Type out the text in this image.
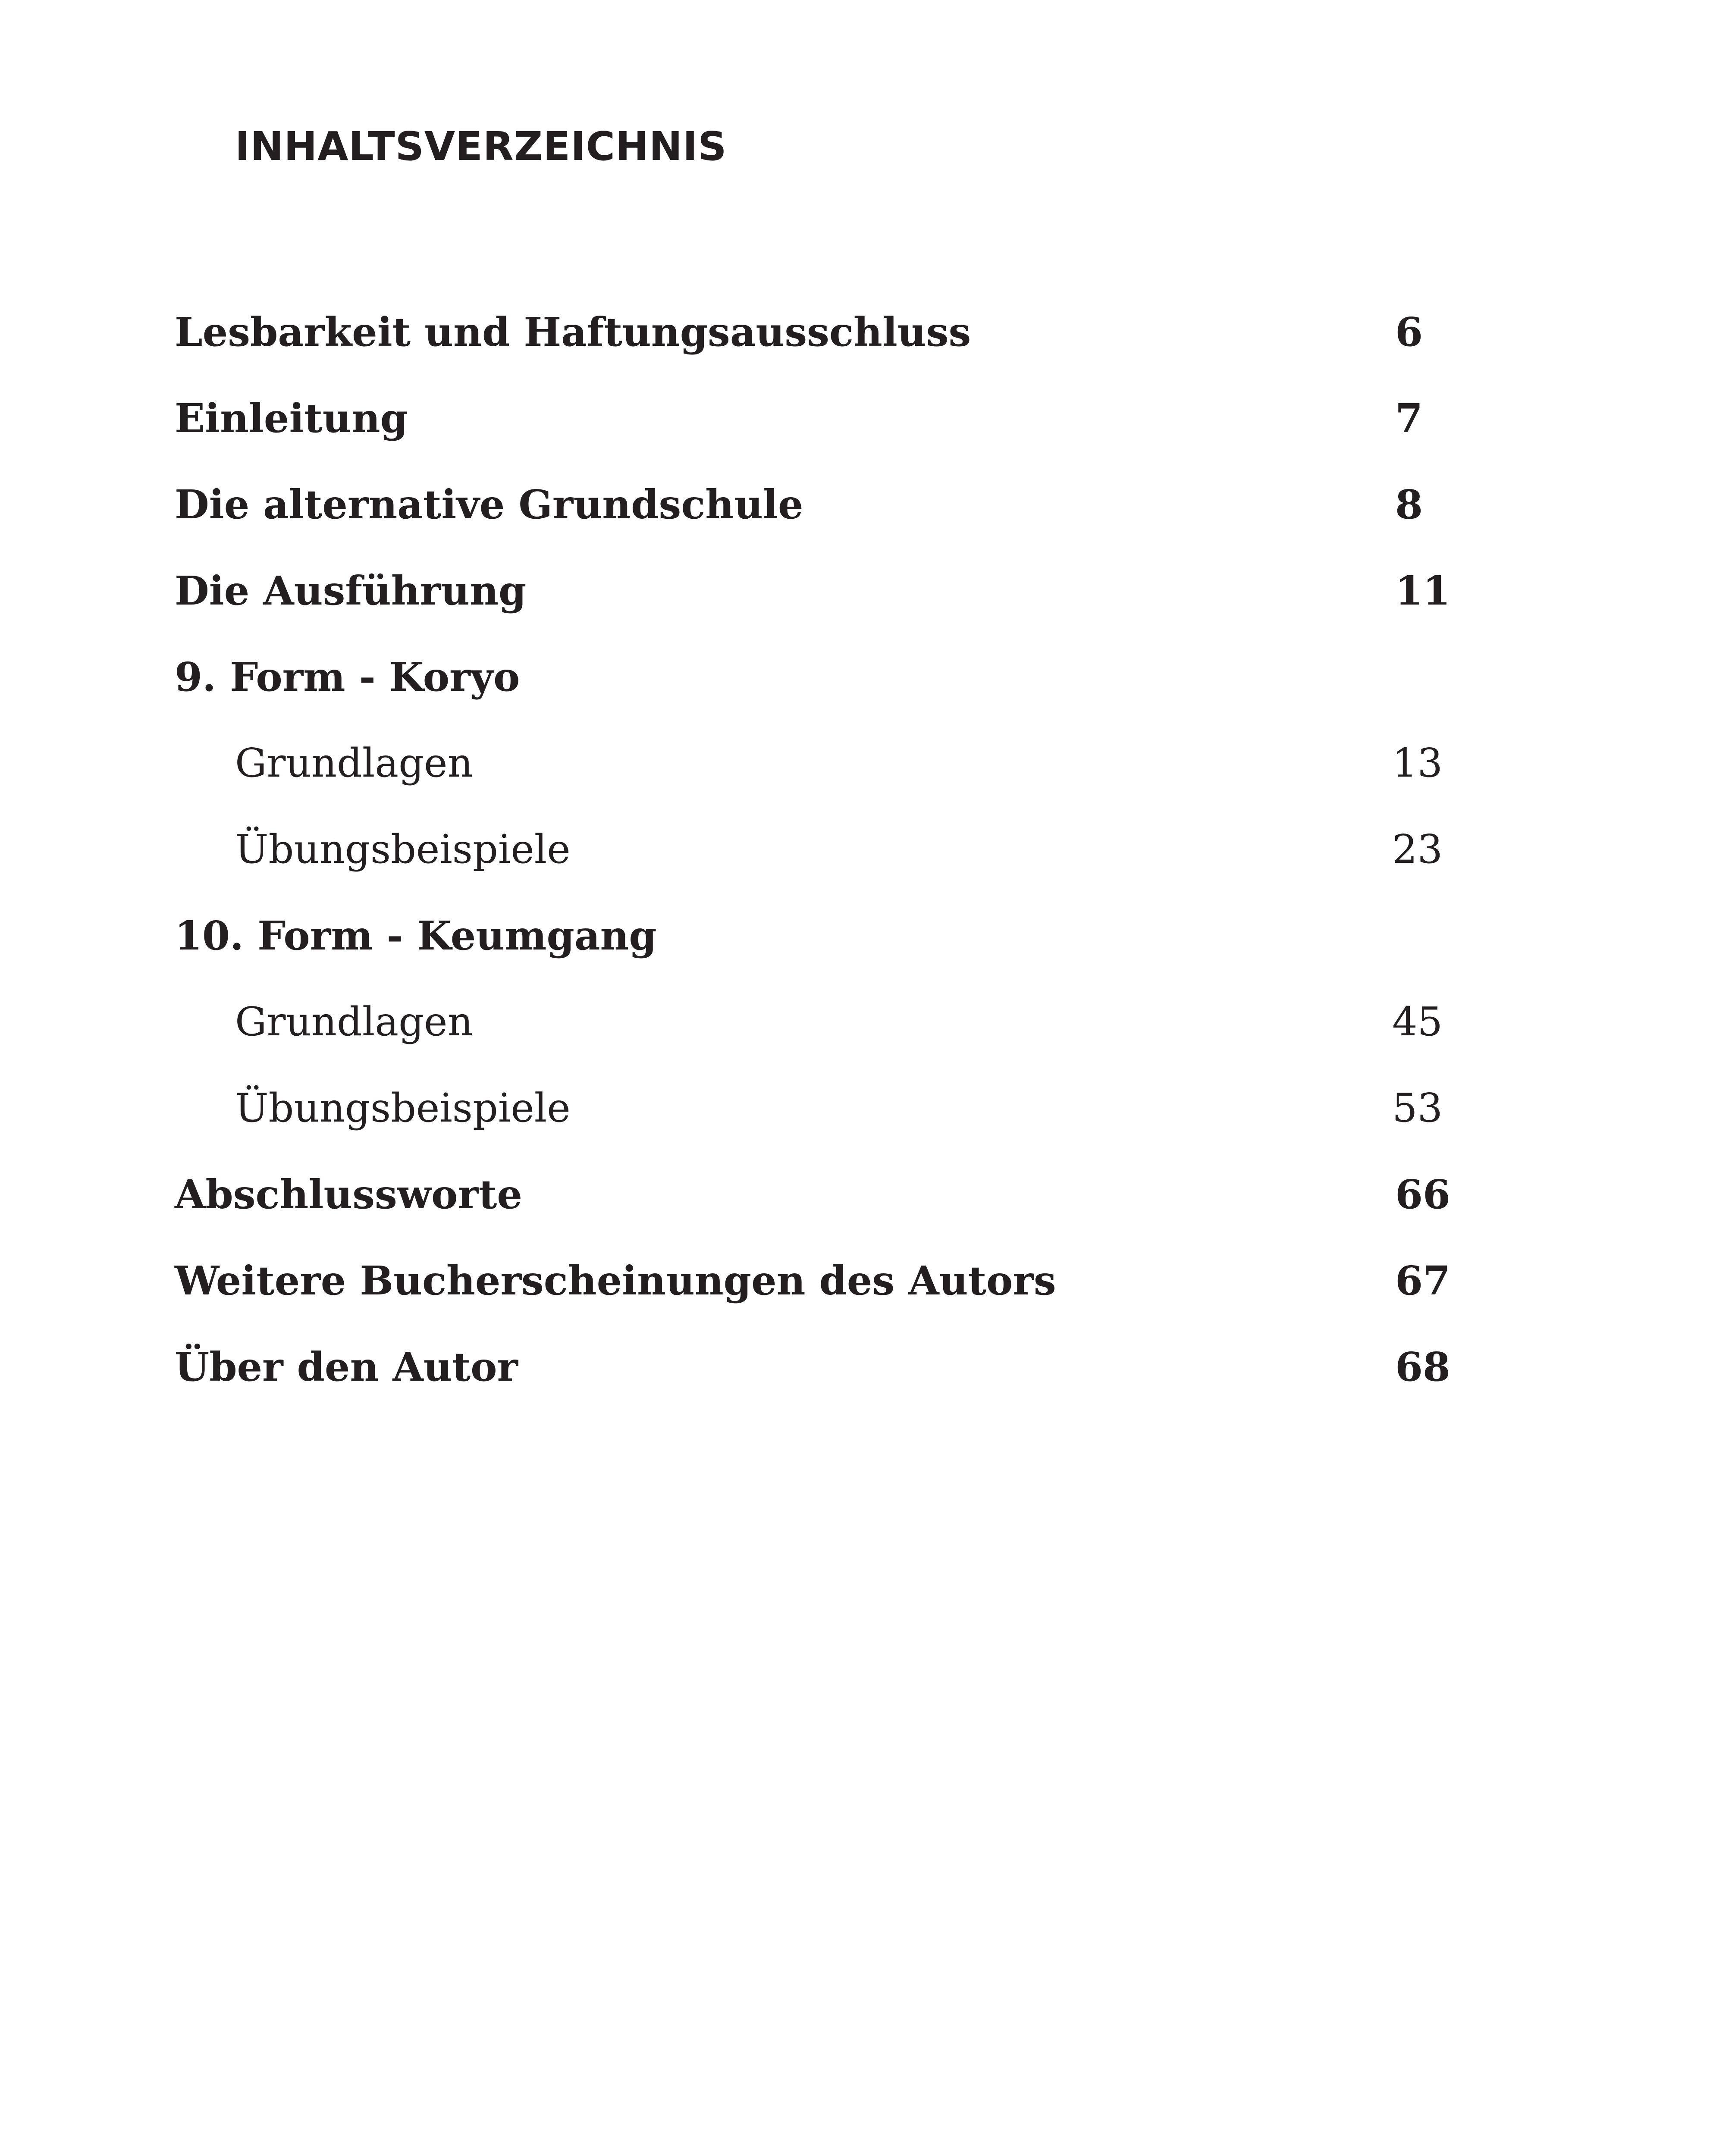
INHALTSVERZEICHNIS
Lesbarkeit und Haftungsausschluss	6
Einleitung	7
Die alternative Grundschule	8
Die Ausführung	11
9. Form - Koryo
Grundlagen	13
Übungsbeispiele	23
10. Form - Keumgang
Grundlagen	45
Übungsbeispiele	53
Abschlussworte	66
Weitere Bucherscheinungen des Autors	67
Über den Autor	68
